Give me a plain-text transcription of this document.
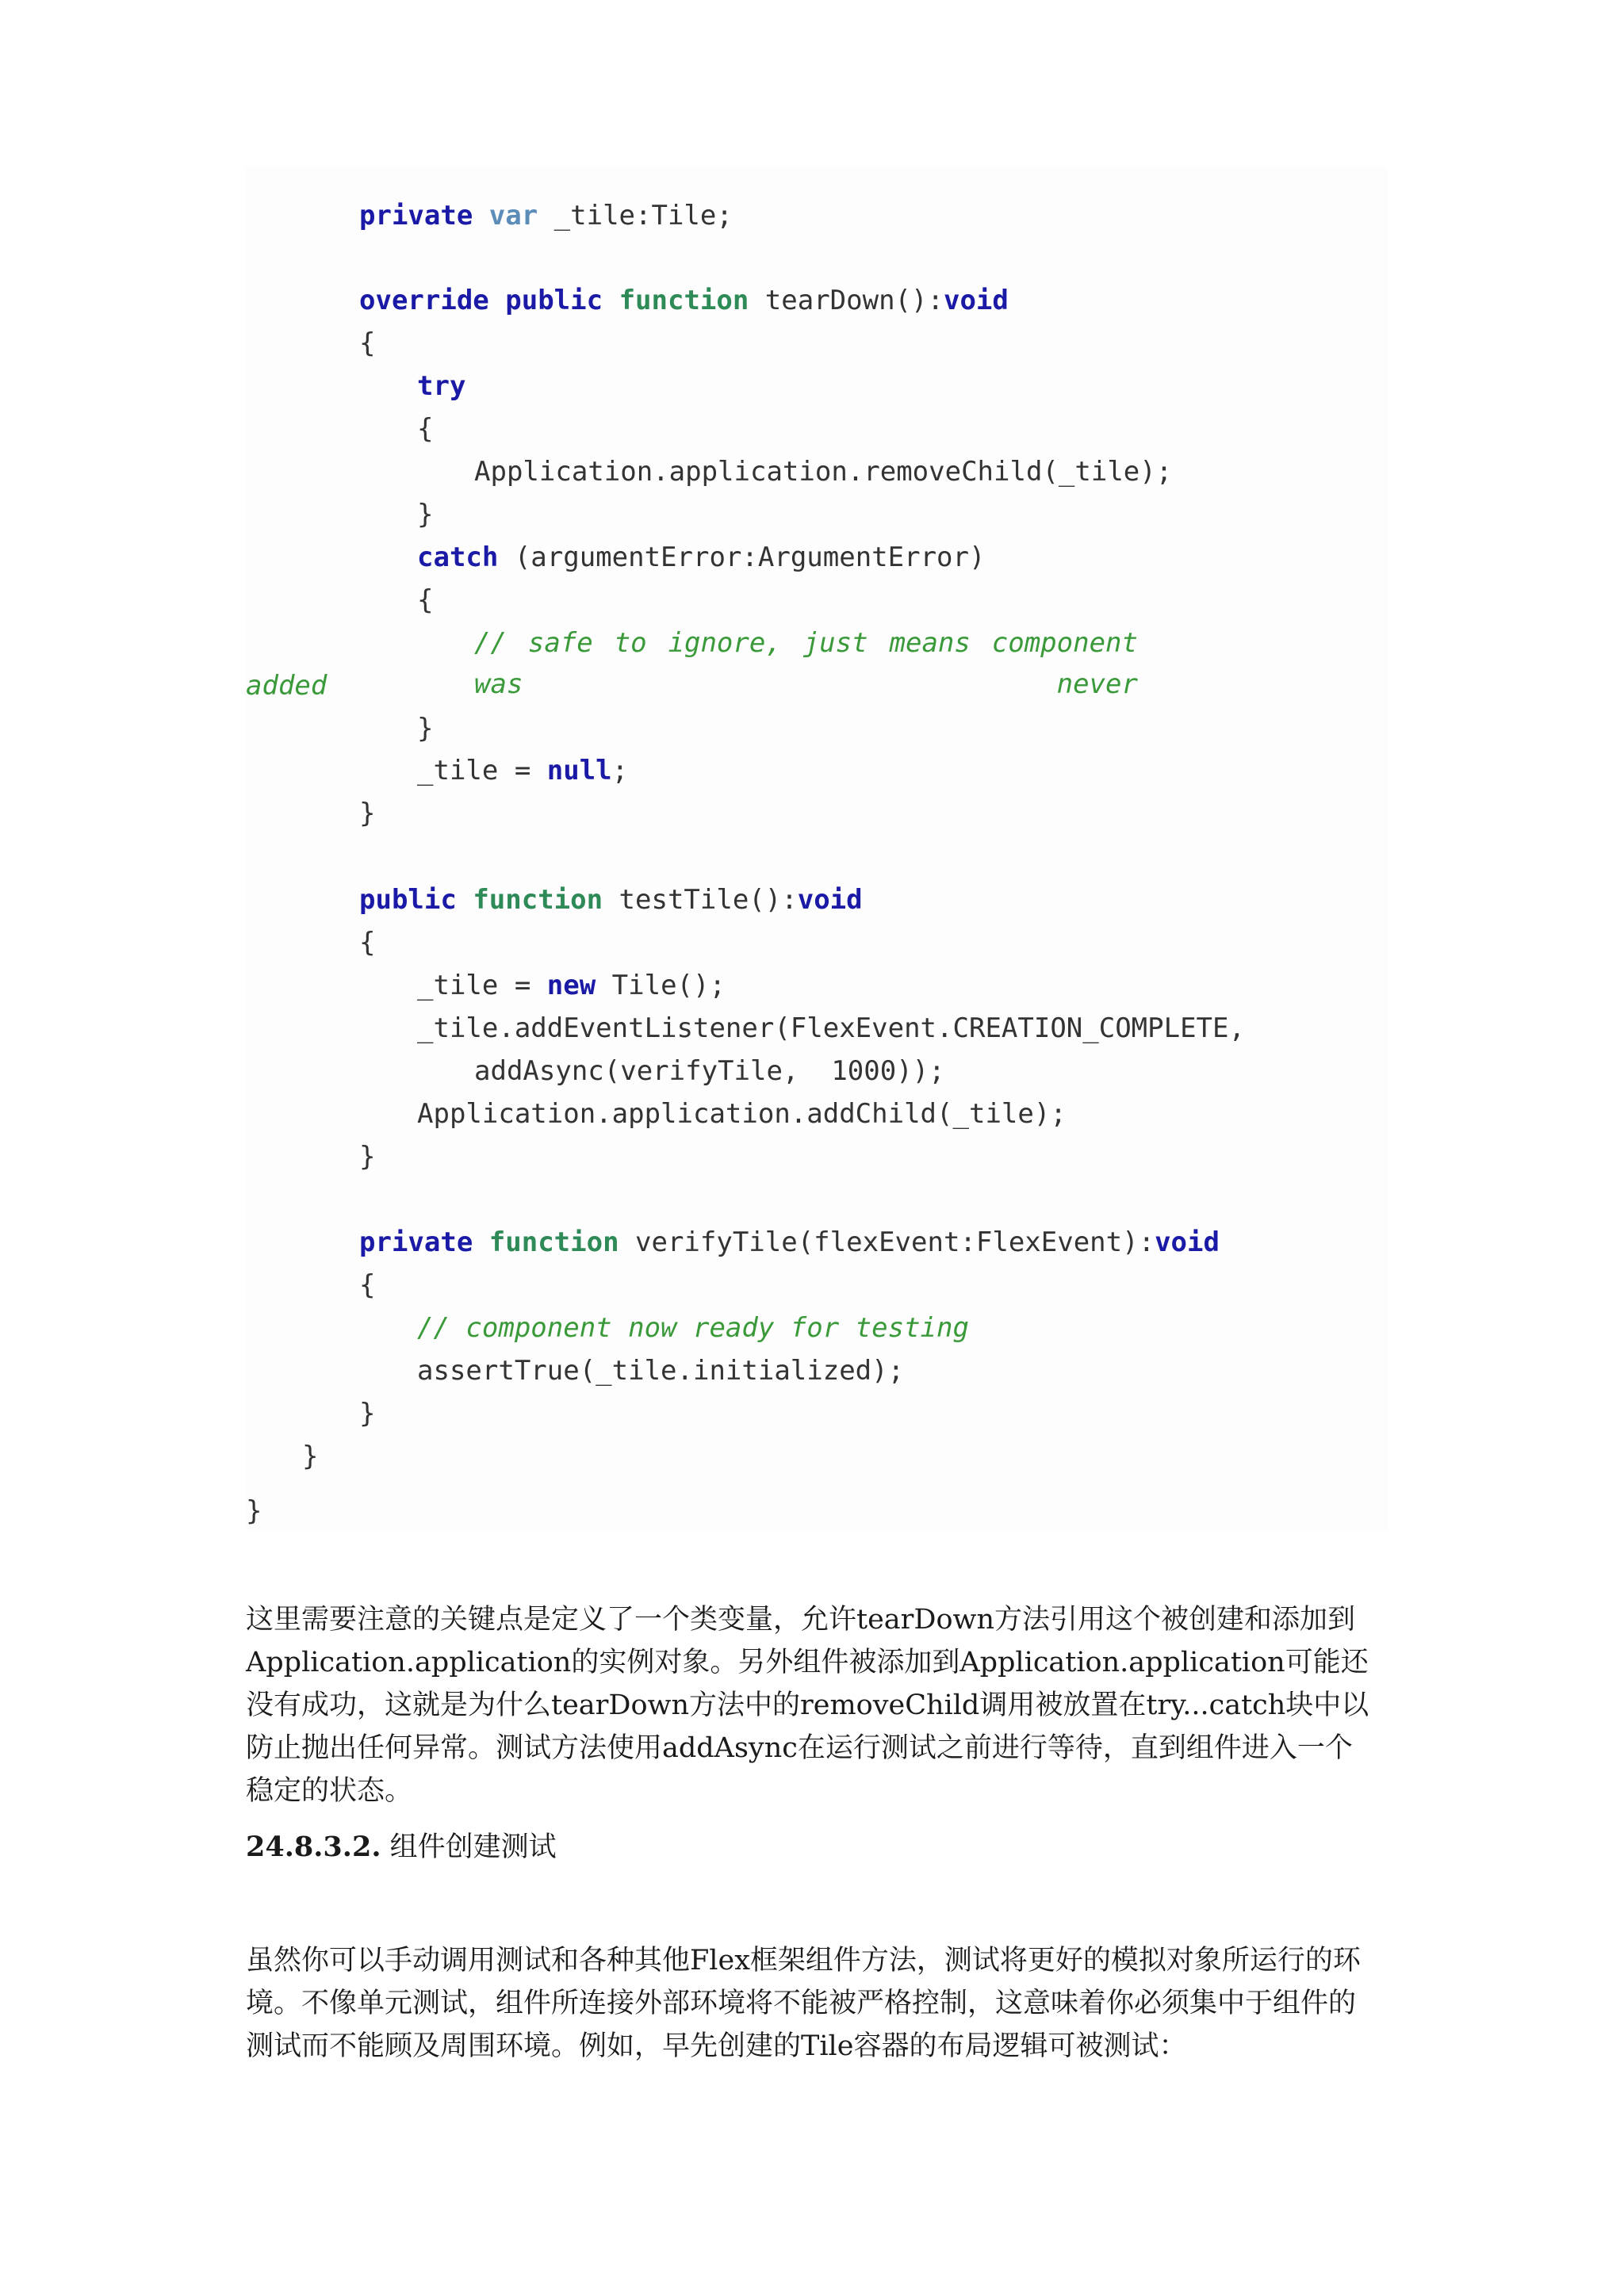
private var _tile:Tile;
override public function tearDown():void
{
try
{
Application.application.removeChild(_tile);
}
catch (argumentError:ArgumentError)
{
// safe to ignore, just means component was never
added
}
_tile = null;
}
public function testTile():void
{
_tile = new Tile();
_tile.addEventListener(FlexEvent.CREATION_COMPLETE,
addAsync(verifyTile,  1000));
Application.application.addChild(_tile);
}
private function verifyTile(flexEvent:FlexEvent):void
{
// component now ready for testing
assertTrue(_tile.initialized);
}
}
}

这里需要注意的关键点是定义了一个类变量，允许tearDown方法引用这个被创建和添加到Application.application的实例对象。另外组件被添加到Application.application可能还没有成功，这就是为什么tearDown方法中的removeChild调用被放置在try...catch块中以防止抛出任何异常。测试方法使用addAsync在运行测试之前进行等待，直到组件进入一个稳定的状态。

24.8.3.2. 组件创建测试

虽然你可以手动调用测试和各种其他Flex框架组件方法，测试将更好的模拟对象所运行的环境。不像单元测试，组件所连接外部环境将不能被严格控制，这意味着你必须集中于组件的测试而不能顾及周围环境。例如，早先创建的Tile容器的布局逻辑可被测试：
